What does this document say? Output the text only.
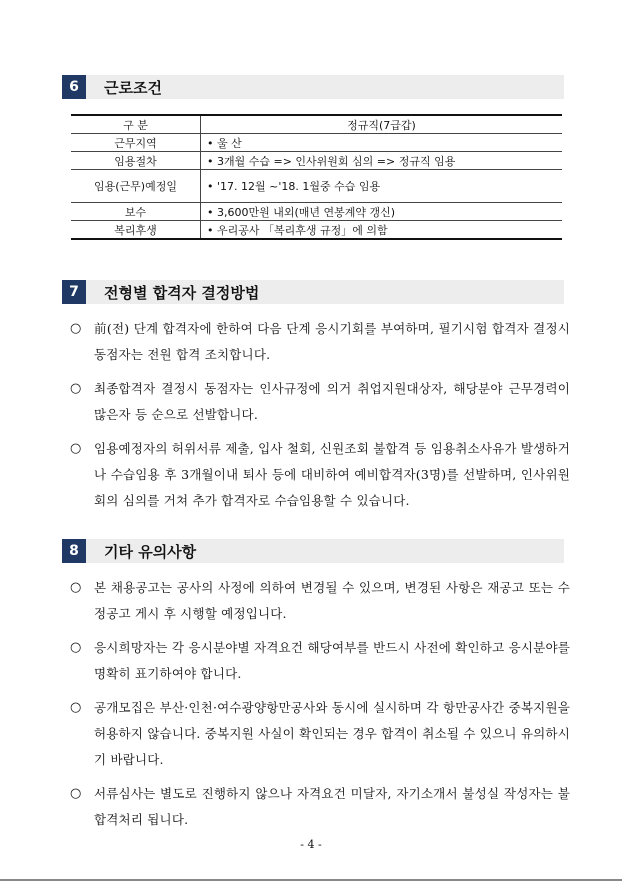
6	근로조건
구 분	정규직(7급갑)
근무지역	• 울 산
임용절차	• 3개월 수습 => 인사위원회 심의 => 정규직 임용
임용(근무)예정일	• '17. 12월 ~'18. 1월중 수습 임용
보수	• 3,600만원 내외(매년 연봉계약 갱신)
복리후생	• 우리공사 「복리후생 규정」에 의함
7	전형별 합격자 결정방법
○	前(전) 단계 합격자에 한하여 다음 단계 응시기회를 부여하며, 필기시험 합격자 결정시 동점자는 전원 합격 조치합니다.
○	최종합격자 결정시 동점자는 인사규정에 의거 취업지원대상자, 해당분야 근무경력이 많은자 등 순으로 선발합니다.
○	임용예정자의 허위서류 제출, 입사 철회, 신원조회 불합격 등 임용취소사유가 발생하거나 수습임용 후 3개월이내 퇴사 등에 대비하여 예비합격자(3명)를 선발하며, 인사위원회의 심의를 거쳐 추가 합격자로 수습임용할 수 있습니다.
8	기타 유의사항
○	본 채용공고는 공사의 사정에 의하여 변경될 수 있으며, 변경된 사항은 재공고 또는 수정공고 게시 후 시행할 예정입니다.
○	응시희망자는 각 응시분야별 자격요건 해당여부를 반드시 사전에 확인하고 응시분야를 명확히 표기하여야 합니다.
○	공개모집은 부산·인천·여수광양항만공사와 동시에 실시하며 각 항만공사간 중복지원을 허용하지 않습니다. 중복지원 사실이 확인되는 경우 합격이 취소될 수 있으니 유의하시기 바랍니다.
○	서류심사는 별도로 진행하지 않으나 자격요건 미달자, 자기소개서 불성실 작성자는 불합격처리 됩니다.
- 4 -
